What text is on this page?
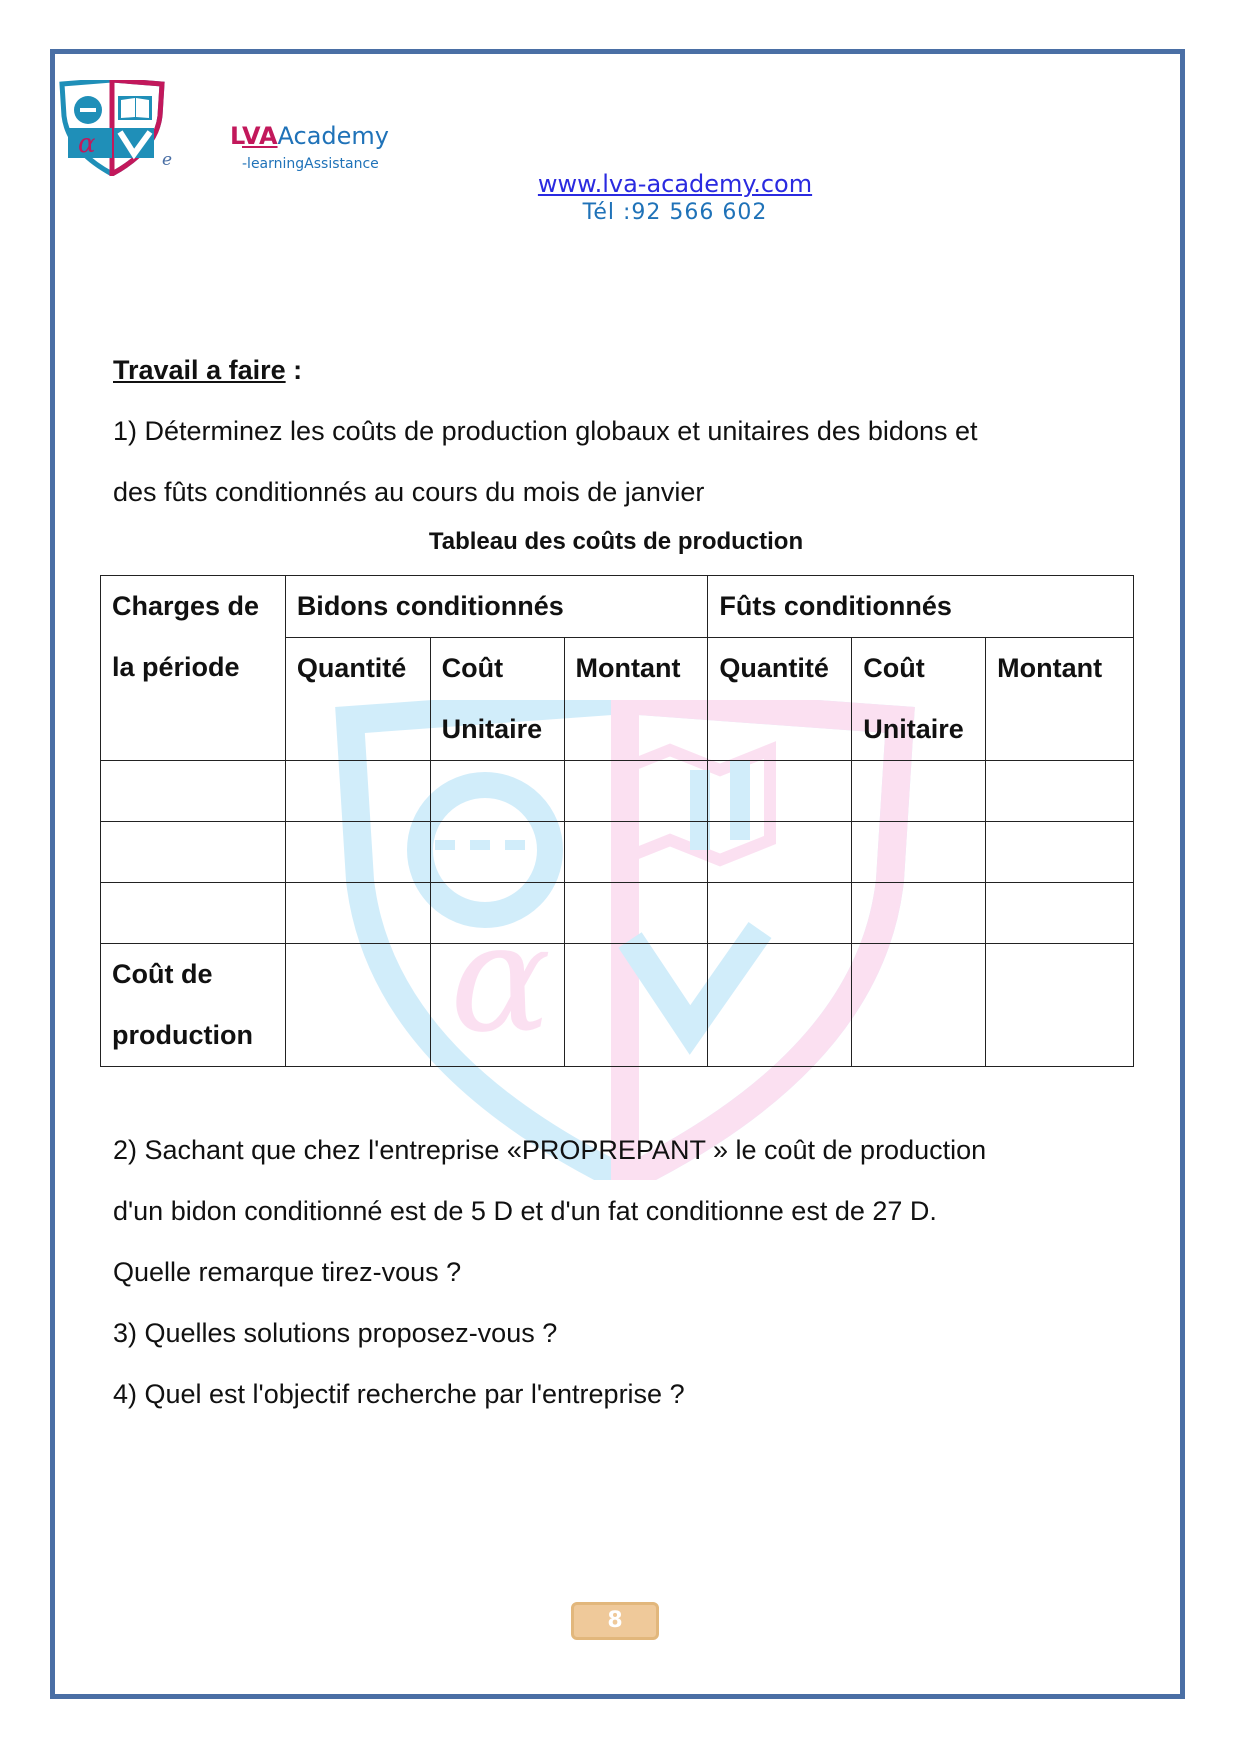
α
α
e
LVAAcademy
-learningAssistance
www.lva-academy.com
Tél :92 566 602

Travail a faire :

1) Déterminez les coûts de production globaux et unitaires des bidons et

des fûts conditionnés au cours du mois de janvier

Tableau des coûts de production
Charges de la période	Bidons conditionnés			Fûts conditionnés		
	Quantité	Coût Unitaire	Montant	Quantité	Coût Unitaire	Montant

Coût de production						

2) Sachant que chez l'entreprise «PROPREPANT » le coût de production

d'un bidon conditionné est de 5 D et d'un fat conditionne est de 27 D.

Quelle remarque tirez-vous ?

3) Quelles solutions proposez-vous ?

4) Quel est l'objectif recherche par l'entreprise ?

8
